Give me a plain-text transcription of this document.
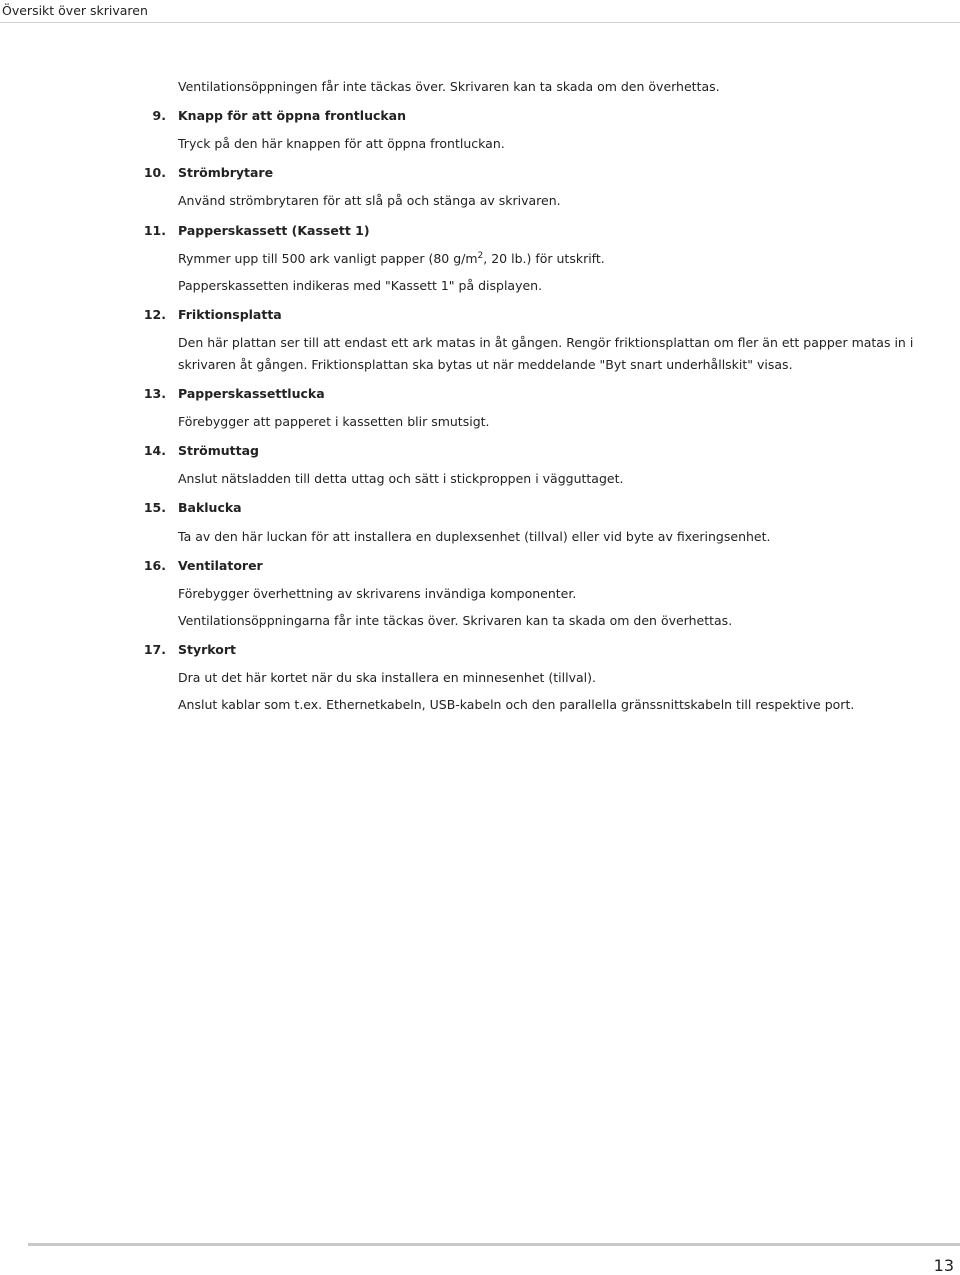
Översikt över skrivaren
Ventilationsöppningen får inte täckas över. Skrivaren kan ta skada om den överhettas.
9. Knapp för att öppna frontluckan
Tryck på den här knappen för att öppna frontluckan.
10. Strömbrytare
Använd strömbrytaren för att slå på och stänga av skrivaren.
11. Papperskassett (Kassett 1)
Rymmer upp till 500 ark vanligt papper (80 $g/m^2$, 20 lb.) för utskrift.
Papperskassetten indikeras med "Kassett 1" på displayen.
12. Friktionsplatta
Den här plattan ser till att endast ett ark matas in åt gången. Rengör friktionsplattan om fler än ett papper matas in i
skrivaren åt gången. Friktionsplattan ska bytas ut när meddelande "Byt snart underhållskit" visas.
13. Papperskassettlucka
Förebygger att papperet i kassetten blir smutsigt.
14. Strömuttag
Anslut nätsladden till detta uttag och sätt i stickproppen i vägguttaget.
15. Baklucka
Ta av den här luckan för att installera en duplexsenhet (tillval) eller vid byte av fixeringsenhet.
16. Ventilatorer
Förebygger överhettning av skrivarens invändiga komponenter.
Ventilationsöppningarna får inte täckas över. Skrivaren kan ta skada om den överhettas.
17. Styrkort
Dra ut det här kortet när du ska installera en minnesenhet (tillval).
Anslut kablar som t.ex. Ethernetkabeln, USB-kabeln och den parallella gränssnittskabeln till respektive port.
13
